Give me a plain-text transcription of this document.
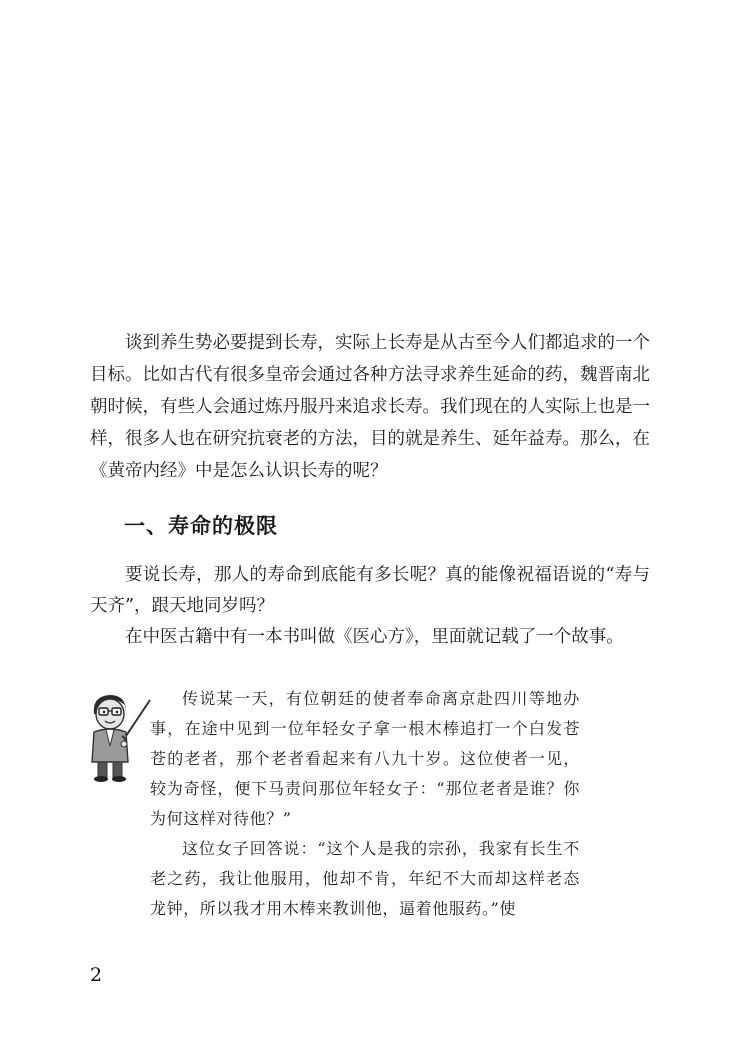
谈到养生势必要提到长寿，实际上长寿是从古至今人们都追求的一个目标。比如古代有很多皇帝会通过各种方法寻求养生延命的药，魏晋南北朝时候，有些人会通过炼丹服丹来追求长寿。我们现在的人实际上也是一样，很多人也在研究抗衰老的方法，目的就是养生、延年益寿。那么，在《黄帝内经》中是怎么认识长寿的呢？

一、寿命的极限

要说长寿，那人的寿命到底能有多长呢？真的能像祝福语说的“寿与天齐”，跟天地同岁吗？

在中医古籍中有一本书叫做《医心方》，里面就记载了一个故事。

传说某一天，有位朝廷的使者奉命离京赴四川等地办事，在途中见到一位年轻女子拿一根木棒追打一个白发苍苍的老者，那个老者看起来有八九十岁。这位使者一见，较为奇怪，便下马责问那位年轻女子：“那位老者是谁？你为何这样对待他？”

这位女子回答说：“这个人是我的宗孙，我家有长生不老之药，我让他服用，他却不肯，年纪不大而却这样老态龙钟，所以我才用木棒来教训他，逼着他服药。”使

2
